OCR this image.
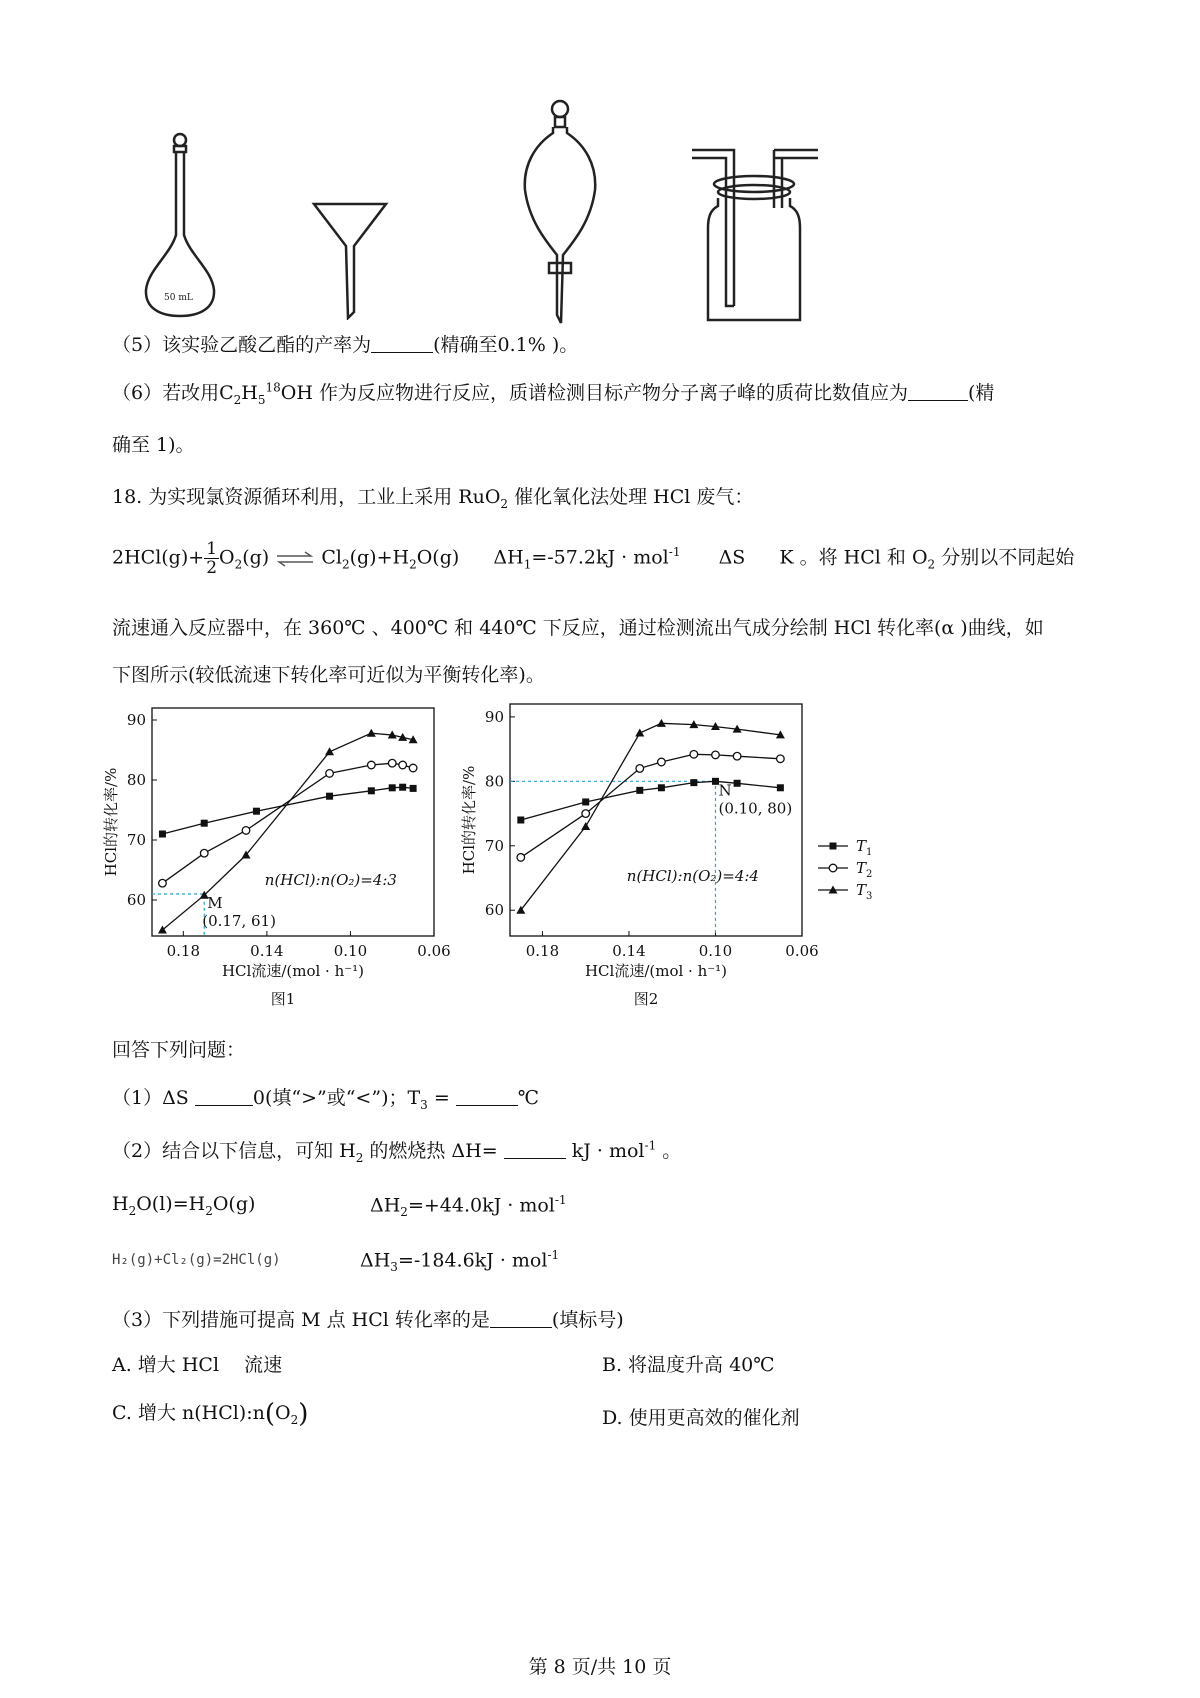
50 mL
（5）该实验乙酸乙酯的产率为	(精确至0.1% )。
（6）若改用$C_2H_5^{18}OH$ 作为反应物进行反应，质谱检测目标产物分子离子峰的质荷比数值应为	(精
确至 1)。
18. 为实现氯资源循环利用，工业上采用 RuO$_2$ 催化氧化法处理 HCl 废气：
$2HCl(g)+ \frac{1}{2} O_2(g)$ ⇌ $Cl_2(g)+H_2O(g) \Delta H_1=-57.2kJ \cdot mol^{-1}$ ΔS K 。将 HCl 和 $O_2$ 分别以不同起始
流速通入反应器中，在 360℃ 、400℃ 和 440℃ 下反应，通过检测流出气成分绘制 HCl 转化率(α )曲线，如
下图所示(较低流速下转化率可近似为平衡转化率)。
0.18	0.14	0.10	0.06
60
70
80
90
HCl流速/(mol · h⁻¹)
HCl的转化率/%
图1
n(HCl):n(O₂)=4:3
M
(0.17, 61)
0.18	0.14	0.10	0.06
60
70
80
90
HCl流速/(mol · h⁻¹)
HCl的转化率/%
图2
n(HCl):n(O₂)=4:4
N
(0.10, 80)
T 1
T 2
T 3
回答下列问题：
（1）ΔS	0(填“>”或“<”)；$T_3$ =	℃
（2）结合以下信息，可知 $H_2$ 的燃烧热 ΔH=	kJ · mol$^{-1}$ 。
$H_2O(l)=H_2O(g)$	$\Delta H_2=+44.0kJ \cdot mol^{-1}$
H₂(g)+Cl₂(g)=2HCl(g)	$\Delta H_3=-184.6kJ \cdot mol^{-1}$
（3）下列措施可提高 M 点 HCl 转化率的是	(填标号)
A. 增大 HCl　 流速	B. 将温度升高 40℃
C. 增大 $n(HCl):n(O_2)$	D. 使用更高效的催化剂
第 8 页/共 10 页
